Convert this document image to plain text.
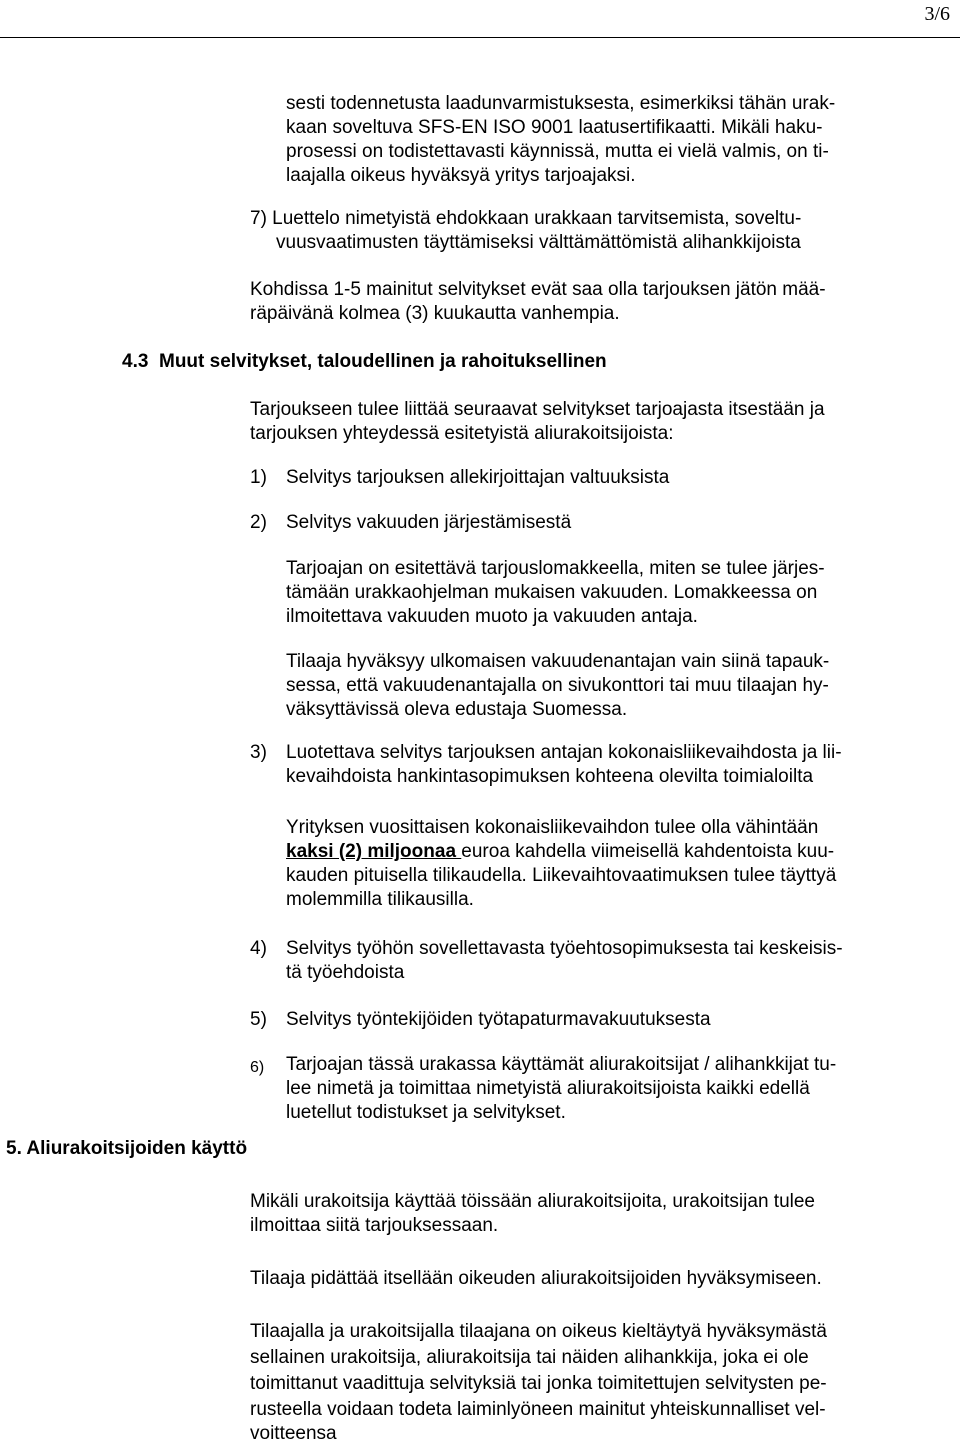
3/6

sesti todennetusta laadunvarmistuksesta, esimerkiksi tähän urak-

kaan soveltuva SFS-EN ISO 9001 laatusertifikaatti. Mikäli haku-

prosessi on todistettavasti käynnissä, mutta ei vielä valmis, on ti-

laajalla oikeus hyväksyä yritys tarjoajaksi.

7) Luettelo nimetyistä ehdokkaan urakkaan tarvitsemista, soveltu-

vuusvaatimusten täyttämiseksi välttämättömistä alihankkijoista

Kohdissa 1-5 mainitut selvitykset evät saa olla tarjouksen jätön mää-

räpäivänä kolmea (3) kuukautta vanhempia.

4.3 Muut selvitykset, taloudellinen ja rahoituksellinen

Tarjoukseen tulee liittää seuraavat selvitykset tarjoajasta itsestään ja

tarjouksen yhteydessä esitetyistä aliurakoitsijoista:

1) Selvitys tarjouksen allekirjoittajan valtuuksista

2) Selvitys vakuuden järjestämisestä

Tarjoajan on esitettävä tarjouslomakkeella, miten se tulee järjes-

tämään urakkaohjelman mukaisen vakuuden. Lomakkeessa on

ilmoitettava vakuuden muoto ja vakuuden antaja.

Tilaaja hyväksyy ulkomaisen vakuudenantajan vain siinä tapauk-

sessa, että vakuudenantajalla on sivukonttori tai muu tilaajan hy-

väksyttävissä oleva edustaja Suomessa.

3) Luotettava selvitys tarjouksen antajan kokonaisliikevaihdosta ja lii-

kevaihdoista hankintasopimuksen kohteena olevilta toimialoilta

Yrityksen vuosittaisen kokonaisliikevaihdon tulee olla vähintään

kaksi (2) miljoonaa euroa kahdella viimeisellä kahdentoista kuu-

kauden pituisella tilikaudella. Liikevaihtovaatimuksen tulee täyttyä

molemmilla tilikausilla.

4) Selvitys työhön sovellettavasta työehtosopimuksesta tai keskeisis-

tä työehdoista

5) Selvitys työntekijöiden työtapaturmavakuutuksesta

6) Tarjoajan tässä urakassa käyttämät aliurakoitsijat / alihankkijat tu-

lee nimetä ja toimittaa nimetyistä aliurakoitsijoista kaikki edellä

luetellut todistukset ja selvitykset.

5. Aliurakoitsijoiden käyttö

Mikäli urakoitsija käyttää töissään aliurakoitsijoita, urakoitsijan tulee

ilmoittaa siitä tarjouksessaan.

Tilaaja pidättää itsellään oikeuden aliurakoitsijoiden hyväksymiseen.

Tilaajalla ja urakoitsijalla tilaajana on oikeus kieltäytyä hyväksymästä

sellainen urakoitsija, aliurakoitsija tai näiden alihankkija, joka ei ole

toimittanut vaadittuja selvityksiä tai jonka toimitettujen selvitysten pe-

rusteella voidaan todeta laiminlyöneen mainitut yhteiskunnalliset vel-

voitteensa
